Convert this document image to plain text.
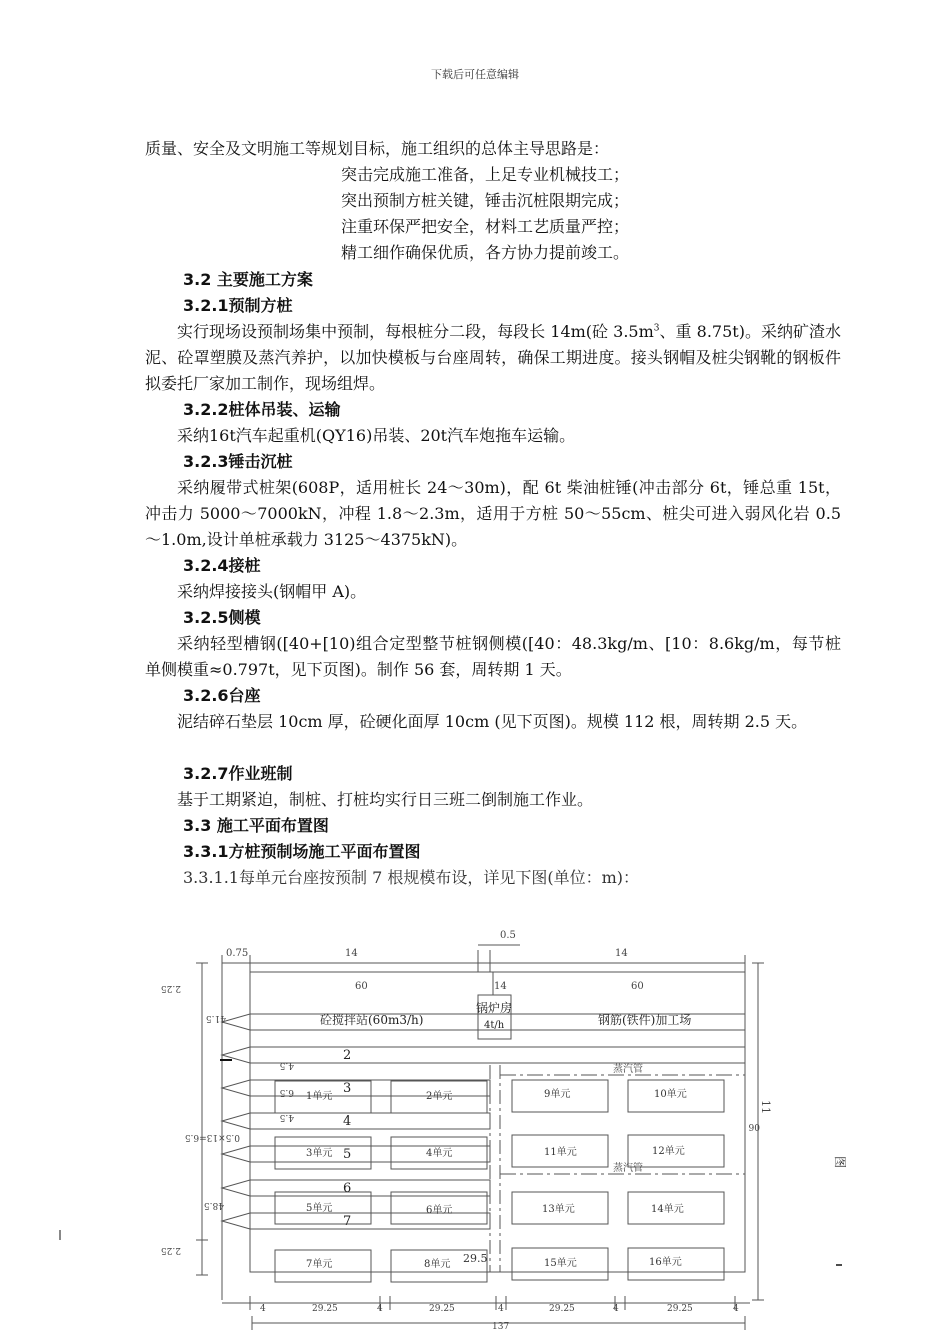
下载后可任意编辑
质量、安全及文明施工等规划目标，施工组织的总体主导思路是：
突击完成施工准备，上足专业机械技工；
突出预制方桩关键，锤击沉桩限期完成；
注重环保严把安全，材料工艺质量严控；
精工细作确保优质，各方协力提前竣工。
3.2 主要施工方案
3.2.1预制方桩
实行现场设预制场集中预制，每根桩分二段，每段长 14m(砼 $3.5m^3$、重 8.75t)。采纳矿渣水泥、砼罩塑膜及蒸汽养护，以加快模板与台座周转，确保工期进度。接头钢帽及桩尖钢靴的钢板件拟委托厂家加工制作，现场组焊。
3.2.2桩体吊装、运输
采纳16t汽车起重机(QY16)吊装、20t汽车炮拖车运输。
3.2.3锤击沉桩
采纳履带式桩架(608P，适用桩长 24～30m)，配 6t 柴油桩锤(冲击部分 6t，锤总重 15t，冲击力 5000～7000kN，冲程 1.8～2.3m，适用于方桩 50～55cm、桩尖可进入弱风化岩 0.5～1.0m,设计单桩承载力 3125～4375kN)。
3.2.4接桩
采纳焊接接头(钢帽甲 A)。
3.2.5侧模
采纳轻型槽钢([40+[10)组合定型整节桩钢侧模([40：48.3kg/m、[10：8.6kg/m，每节桩单侧模重≈0.797t，见下页图)。制作 56 套，周转期 1 天。
3.2.6台座
泥结碎石垫层 10cm 厚，砼硬化面厚 10cm (见下页图)。规模 112 根，周转期 2.5 天。
3.2.7作业班制
基于工期紧迫，制桩、打桩均实行日三班二倒制施工作业。
3.3 施工平面布置图
3.3.1方桩预制场施工平面布置图
3.3.1.1每单元台座按预制 7 根规模布设，详见下图(单位：m)：
0.75	14
0.5
14
60	14	60
砼搅拌站(60m3/h)
锅炉房
4t/h	钢筋(铁件)加工场
蒸汽管
蒸汽管
2
3
4
5
6
7
1单元	2单元
3单元	4单元
5单元	6单元
7单元	8单元
9单元	10单元
11单元	12单元
13单元	14单元
15单元	16单元
29.5
2.25
41.5
4.5
6.5
4.5
0.5×13=6.5
48.5
2.25
11
06
图
4	29.25	4	29.25	4	29.25	4	29.25	4
137
